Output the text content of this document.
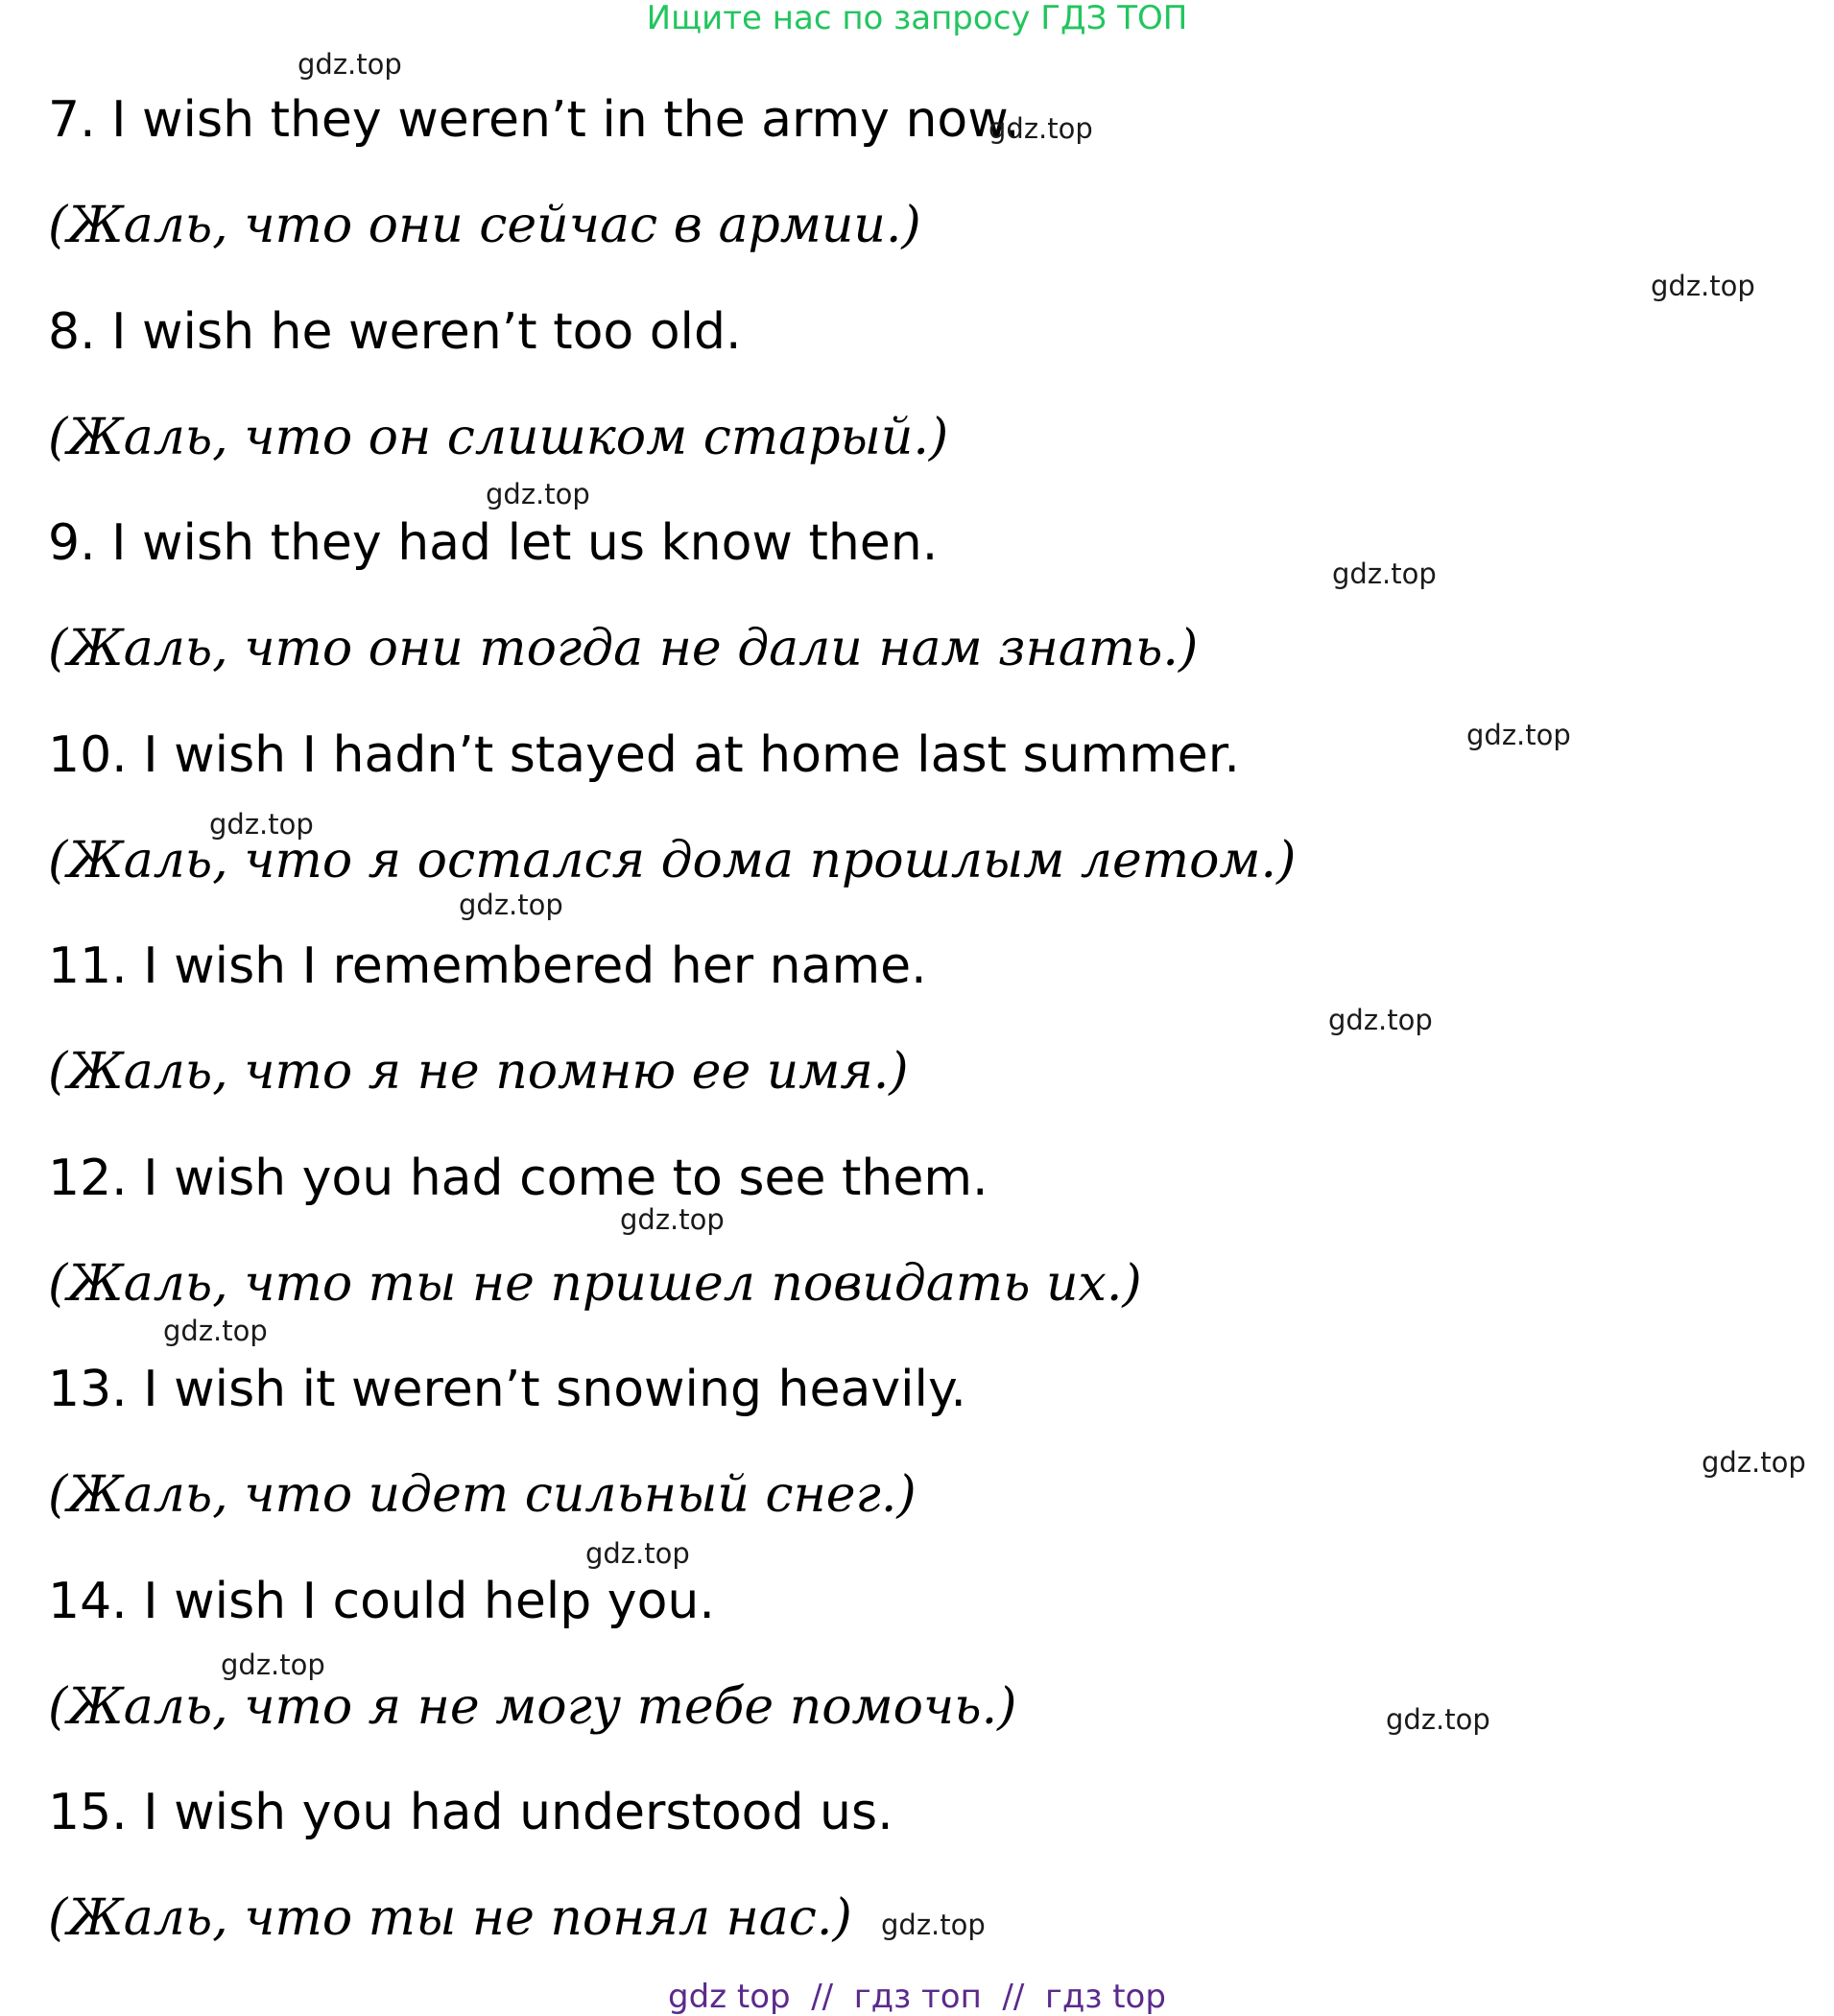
Ищите нас по запросу ГДЗ ТОП
7. I wish they weren’t in the army now.
(Жаль, что они сейчас в армии.)
8. I wish he weren’t too old.
(Жаль, что он слишком старый.)
9. I wish they had let us know then.
(Жаль, что они тогда не дали нам знать.)
10. I wish I hadn’t stayed at home last summer.
(Жаль, что я остался дома прошлым летом.)
11. I wish I remembered her name.
(Жаль, что я не помню ее имя.)
12. I wish you had come to see them.
(Жаль, что ты не пришел повидать их.)
13. I wish it weren’t snowing heavily.
(Жаль, что идет сильный снег.)
14. I wish I could help you.
(Жаль, что я не могу тебе помочь.)
15. I wish you had understood us.
(Жаль, что ты не понял нас.)
gdz.top
gdz.top
gdz.top
gdz.top
gdz.top
gdz.top
gdz.top
gdz.top
gdz.top
gdz.top
gdz.top
gdz.top
gdz.top
gdz.top
gdz.top
gdz.top
gdz top  //  гдз топ  //  гдз top
